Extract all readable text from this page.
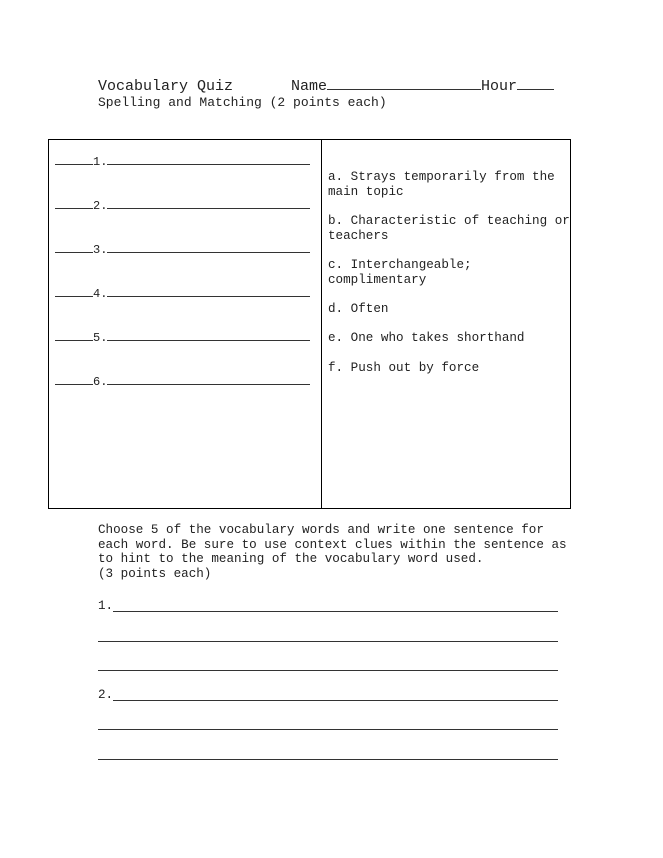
Vocabulary Quiz	Name	Hour
Spelling and Matching (2 points each)
1.
2.
3.
4.
5.
6.
a. Strays temporarily from the main topic
b. Characteristic of teaching or teachers
c. Interchangeable; complimentary
d. Often
e. One who takes shorthand
f. Push out by force
Choose 5 of the vocabulary words and write one sentence for each word. Be sure to use context clues within the sentence as to hint to the meaning of the vocabulary word used.
(3 points each)
1.
2.
